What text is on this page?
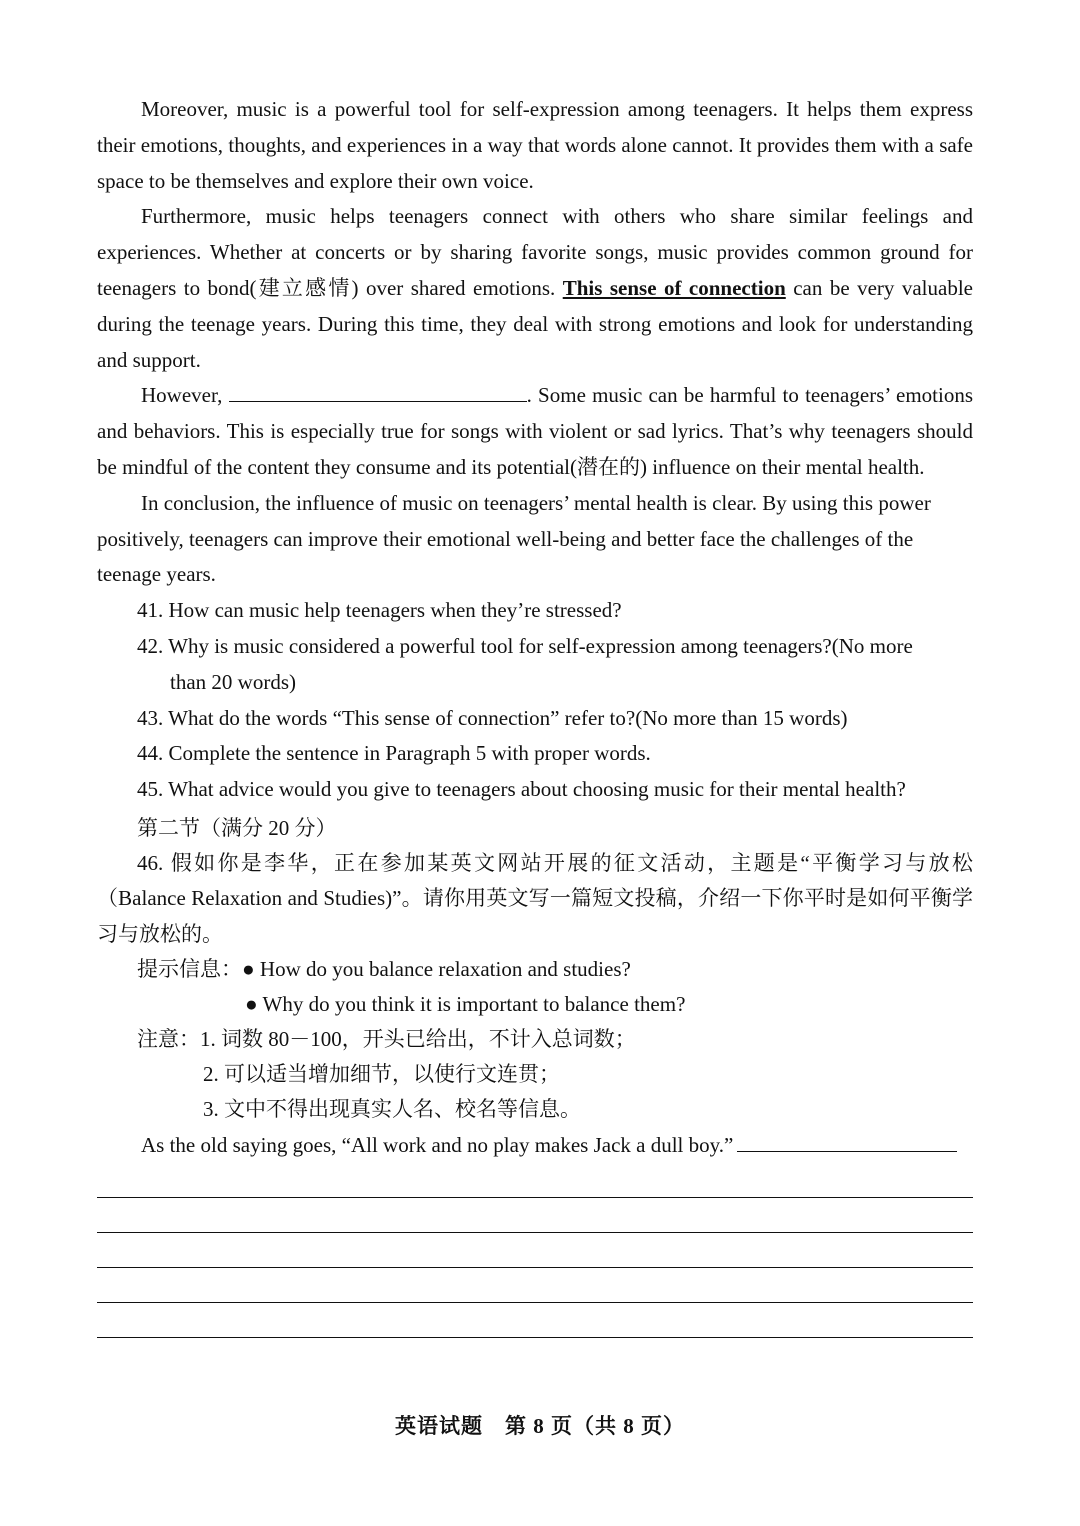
Moreover, music is a powerful tool for self-expression among teenagers. It helps them express their emotions, thoughts, and experiences in a way that words alone cannot. It provides them with a safe space to be themselves and explore their own voice.

Furthermore, music helps teenagers connect with others who share similar feelings and experiences. Whether at concerts or by sharing favorite songs, music provides common ground for teenagers to bond(建立感情) over shared emotions. This sense of connection can be very valuable during the teenage years. During this time, they deal with strong emotions and look for understanding and support.

However,	. Some music can be harmful to teenagers’ emotions and behaviors. This is especially true for songs with violent or sad lyrics. That’s why teenagers should be mindful of the content they consume and its potential(潜在的) influence on their mental health.

In conclusion, the influence of music on teenagers’ mental health is clear. By using this power positively, teenagers can improve their emotional well-being and better face the challenges of the teenage years.

41. How can music help teenagers when they’re stressed?

42. Why is music considered a powerful tool for self-expression among teenagers?(No more

than 20 words)

43. What do the words “This sense of connection” refer to?(No more than 15 words)

44. Complete the sentence in Paragraph 5 with proper words.

45. What advice would you give to teenagers about choosing music for their mental health?

第二节（满分 20 分）

46. 假如你是李华，正在参加某英文网站开展的征文活动，主题是“平衡学习与放松（Balance Relaxation and Studies)”。请你用英文写一篇短文投稿，介绍一下你平时是如何平衡学习与放松的。

提示信息：● How do you balance relaxation and studies?

● Why do you think it is important to balance them?

注意：1. 词数 80－100，开头已给出，不计入总词数；

2. 可以适当增加细节，以使行文连贯；

3. 文中不得出现真实人名、校名等信息。

As the old saying goes, “All work and no play makes Jack a dull boy.”

英语试题　第 8 页（共 8 页）
